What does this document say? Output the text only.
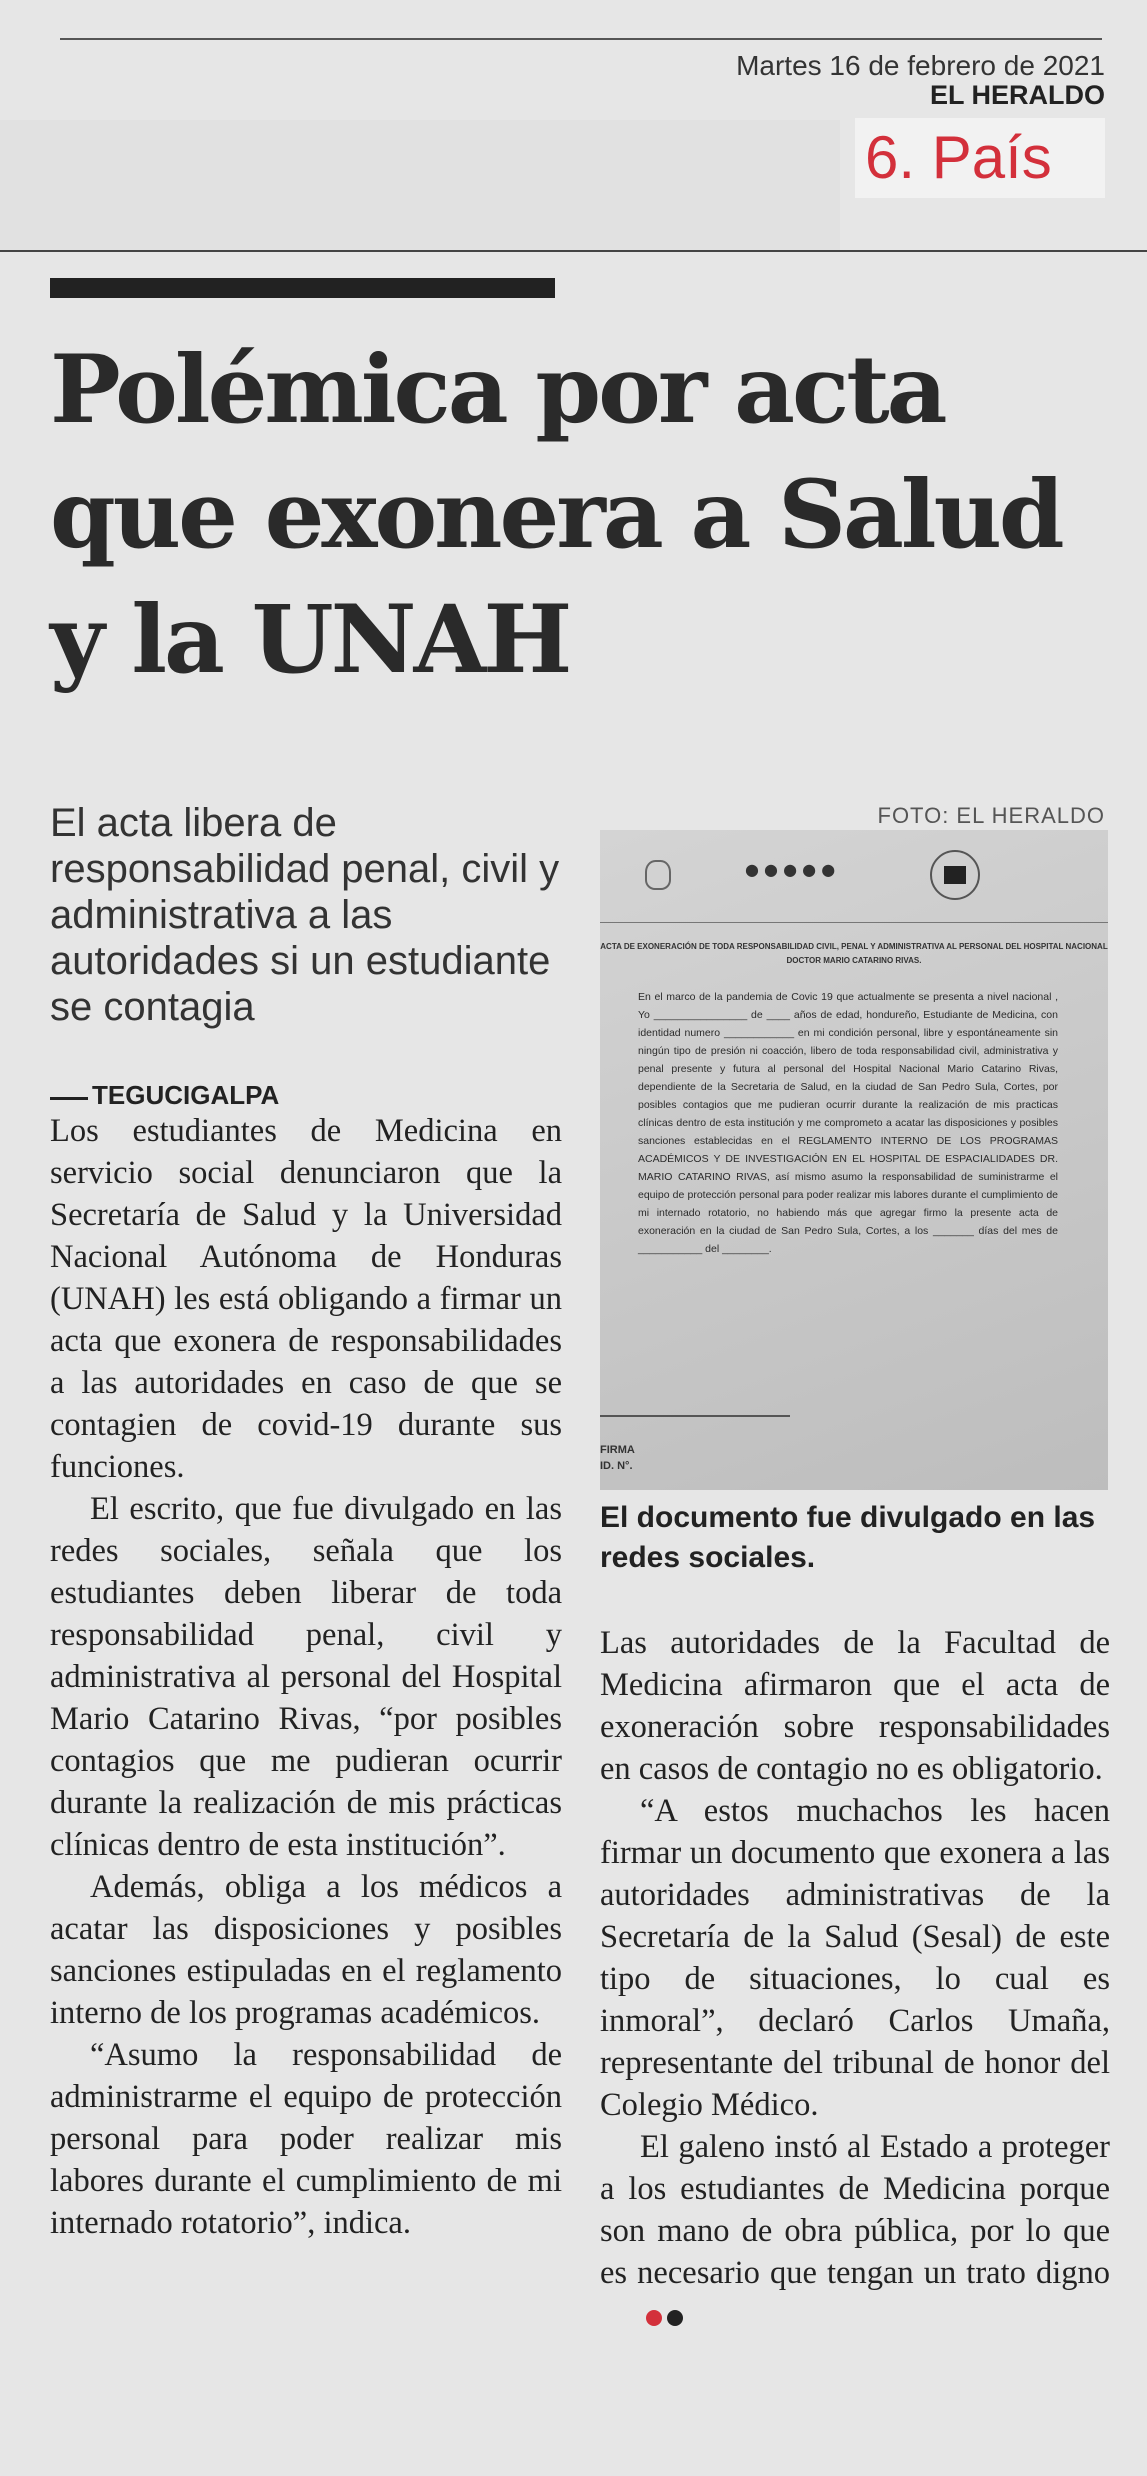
Martes 16 de febrero de 2021
EL HERALDO
6. País
Polémica por acta que exonera a Salud y la UNAH

El acta libera de responsabilidad penal, civil y administrativa a las autoridades si un estudiante se contagia

TEGUCIGALPA

Los estudiantes de Medicina en servicio social denunciaron que la Secretaría de Salud y la Universidad Nacional Autónoma de Honduras (UNAH) les está obligando a firmar un acta que exonera de responsabilidades a las autoridades en caso de que se contagien de covid-19 durante sus funciones.

El escrito, que fue divulgado en las redes sociales, señala que los estudiantes deben liberar de toda responsabilidad penal, civil y administrativa al personal del Hospital Mario Catarino Rivas, “por posibles contagios que me pudieran ocurrir durante la realización de mis prácticas clínicas dentro de esta institución”.

Además, obliga a los médicos a acatar las disposiciones y posibles sanciones estipuladas en el reglamento interno de los programas académicos.

“Asumo la responsabilidad de administrarme el equipo de protección personal para poder realizar mis labores durante el cumplimiento de mi internado rotatorio”, indica.

FOTO: EL HERALDO
● ● ● ● ●
ACTA DE EXONERACIÓN DE TODA RESPONSABILIDAD CIVIL, PENAL Y ADMINISTRATIVA AL PERSONAL DEL HOSPITAL NACIONAL DOCTOR MARIO CATARINO RIVAS.
En el marco de la pandemia de Covic 19 que actualmente se presenta a nivel nacional , Yo ________________ de ____ años de edad, hondureño, Estudiante de Medicina, con identidad numero ____________ en mi condición personal, libre y espontáneamente sin ningún tipo de presión ni coacción, libero de toda responsabilidad civil, administrativa y penal presente y futura al personal del Hospital Nacional Mario Catarino Rivas, dependiente de la Secretaria de Salud, en la ciudad de San Pedro Sula, Cortes, por posibles contagios que me pudieran ocurrir durante la realización de mis practicas clínicas dentro de esta institución y me comprometo a acatar las disposiciones y posibles sanciones establecidas en el REGLAMENTO INTERNO DE LOS PROGRAMAS ACADÉMICOS Y DE INVESTIGACIÓN EN EL HOSPITAL DE ESPACIALIDADES DR. MARIO CATARINO RIVAS, así mismo asumo la responsabilidad de suministrarme el equipo de protección personal para poder realizar mis labores durante el cumplimiento de mi internado rotatorio, no habiendo más que agregar firmo la presente acta de exoneración en la ciudad de San Pedro Sula, Cortes, a los _______ días del mes de ___________ del ________.
FIRMA
ID. N°.

El documento fue divulgado en las redes sociales.

Las autoridades de la Facultad de Medicina afirmaron que el acta de exoneración sobre responsabilidades en casos de contagio no es obligatorio.

“A estos muchachos les hacen firmar un documento que exonera a las autoridades administrativas de la Secretaría de la Salud (Sesal) de este tipo de situaciones, lo cual es inmoral”, declaró Carlos Umaña, representante del tribunal de honor del Colegio Médico.

El galeno instó al Estado a proteger a los estudiantes de Medicina porque son mano de obra pública, por lo que es necesario que tengan un trato digno
